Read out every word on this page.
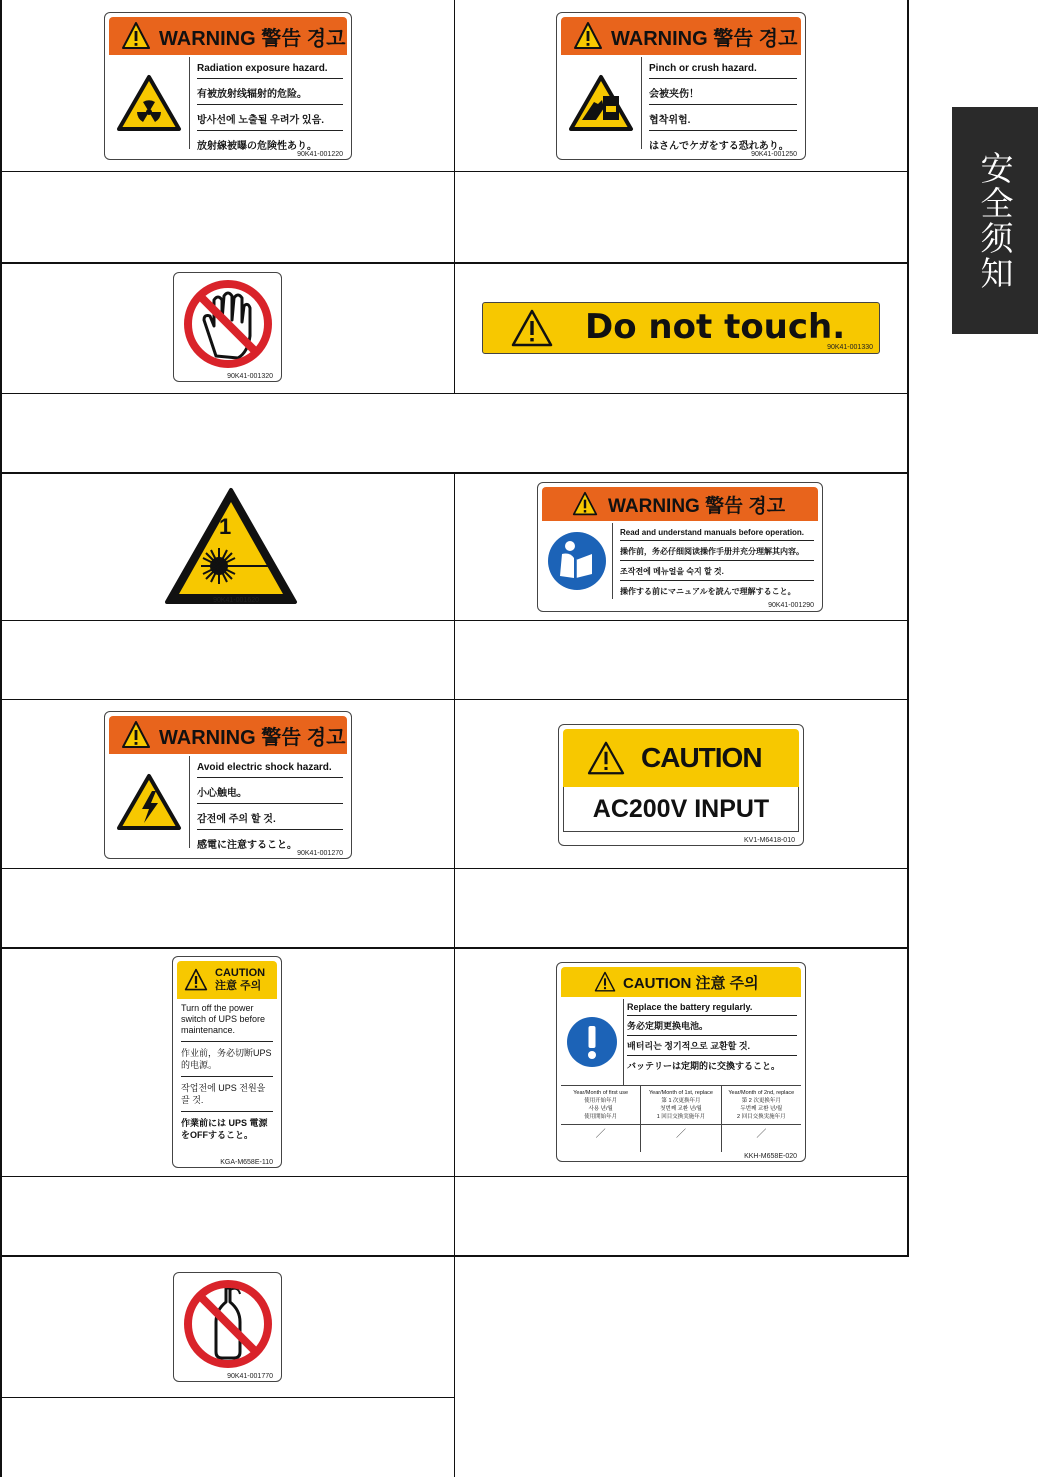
安全须知
WARNING 警告 경고
Radiation exposure hazard.
有被放射线辐射的危险。
방사선에 노출될 우려가 있음.
放射線被曝の危険性あり。
90K41-001220
WARNING 警告 경고
Pinch or crush hazard.
会被夹伤！
협착위험.
はさんでケガをする恐れあり。
90K41-001250
90K41-001320
Do not touch.
90K41-001330
1
90K41-001620
WARNING 警告 경고
Read and understand manuals before operation.
操作前，务必仔细阅读操作手册并充分理解其内容。
조작전에 메뉴얼을 숙지 할 것.
操作する前にマニュアルを読んで理解すること。
90K41-001290
WARNING 警告 경고
Avoid electric shock hazard.
小心触电。
감전에 주의 할 것.
感電に注意すること。
90K41-001270
CAUTION
AC200V INPUT
KV1-M6418-010
CAUTION
注意 주의
Turn off the power switch of UPS before maintenance.
作业前，务必切断UPS的电源。
작업전에 UPS 전원을 끌 것.
作業前には UPS 電源をOFFすること。
KGA-M658E-110
CAUTION 注意 주의
Replace the battery regularly.
务必定期更换电池。
배터리는 정기적으로 교환할 것.
バッテリーは定期的に交換すること。
Year/Month of first use
使用开始年月
사용 년/월
使用開始年月
／
Year/Month of 1st, replace
第 1 次更换年月
첫번째 교환 년/월
1 回目交換実施年月
／
Year/Month of 2nd, replace
第 2 次更换年月
두번째 교환 년/월
2 回目交換実施年月
／
KKH-M658E-020
90K41-001770
